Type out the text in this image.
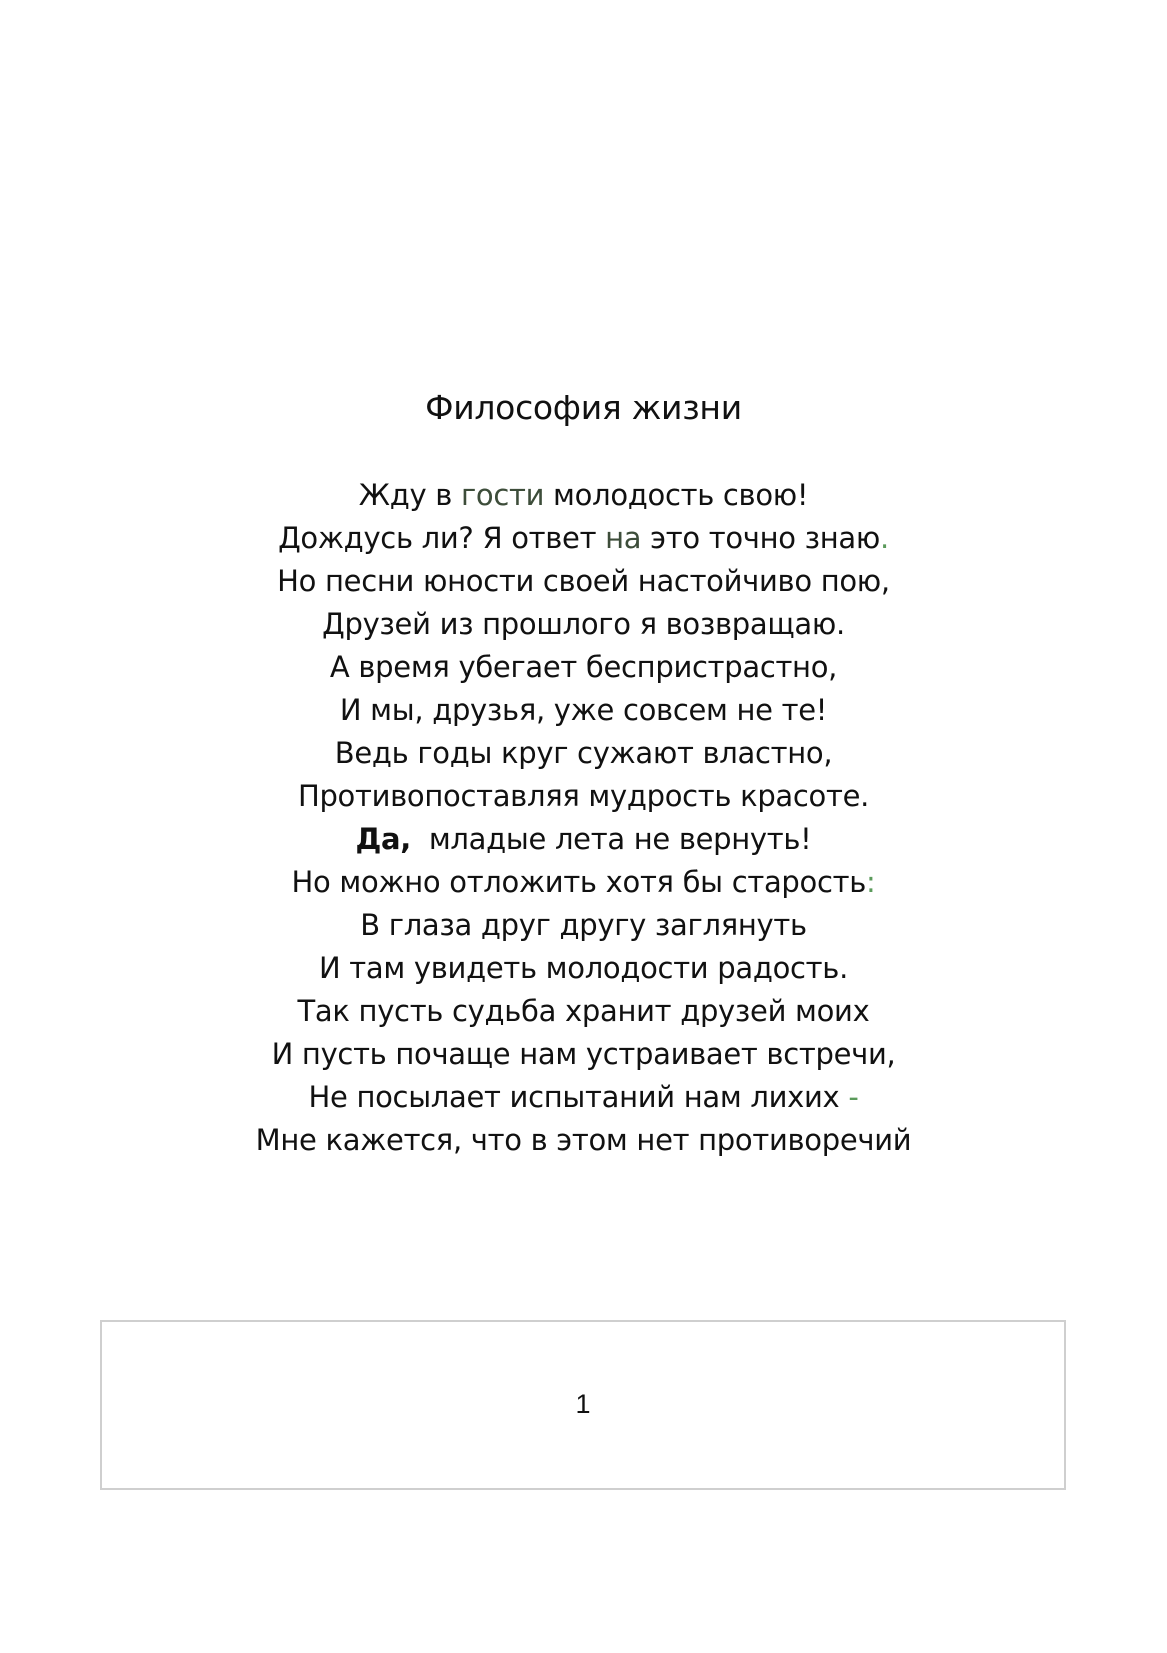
Философия жизни
Жду в гости молодость свою!
Дождусь ли? Я ответ на это точно знаю.
Но песни юности своей настойчиво пою,
Друзей из прошлого я возвращаю.
А время убегает беспристрастно,
И мы, друзья, уже совсем не те!
Ведь годы круг сужают властно,
Противопоставляя мудрость красоте.
Да,  младые лета не вернуть!
Но можно отложить хотя бы старость:
В глаза друг другу заглянуть
И там увидеть молодости радость.
Так пусть судьба хранит друзей моих
И пусть почаще нам устраивает встречи,
Не посылает испытаний нам лихих -
Мне кажется, что в этом нет противоречий
1
